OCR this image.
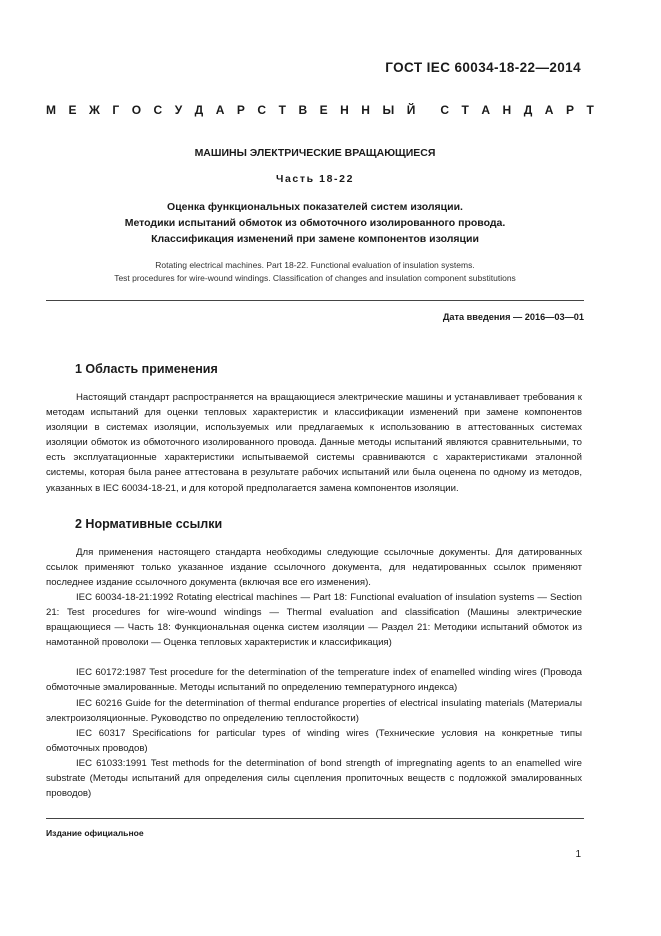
ГОСТ IEC 60034-18-22—2014
М Е Ж Г О С У Д А Р С Т В Е Н Н Ы Й С Т А Н Д А Р Т

МАШИНЫ ЭЛЕКТРИЧЕСКИЕ ВРАЩАЮЩИЕСЯ

Часть 18-22

Оценка функциональных показателей систем изоляции.
Методики испытаний обмоток из обмоточного изолированного провода.
Классификация изменений при замене компонентов изоляции

Rotating electrical machines. Part 18-22. Functional evaluation of insulation systems.
Test procedures for wire-wound windings. Classification of changes and insulation component substitutions

Дата введения — 2016—03—01
1 Область применения

Настоящий стандарт распространяется на вращающиеся электрические машины и устанавливает требования к методам испытаний для оценки тепловых характеристик и классификации изменений при замене компонентов изоляции в системах изоляции, используемых или предлагаемых к использованию в аттестованных системах изоляции обмоток из обмоточного изолированного провода. Данные методы испытаний являются сравнительными, то есть эксплуатационные характеристики испытываемой системы сравниваются с характеристиками эталонной системы, которая была ранее аттестована в результате рабочих испытаний или была оценена по одному из методов, указанных в IEC 60034-18-21, и для которой предполагается замена компонентов изоляции.

2 Нормативные ссылки

Для применения настоящего стандарта необходимы следующие ссылочные документы. Для датированных ссылок применяют только указанное издание ссылочного документа, для недатированных ссылок применяют последнее издание ссылочного документа (включая все его изменения).

IEC 60034-18-21:1992 Rotating electrical machines — Part 18: Functional evaluation of insulation systems — Section 21: Test procedures for wire-wound windings — Thermal evaluation and classification (Машины электрические вращающиеся — Часть 18: Функциональная оценка систем изоляции — Раздел 21: Методики испытаний обмоток из намотанной проволоки — Оценка тепловых характеристик и классификация)

IEC 60172:1987 Test procedure for the determination of the temperature index of enamelled winding wires (Провода обмоточные эмалированные. Методы испытаний по определению температурного индекса)

IEC 60216 Guide for the determination of thermal endurance properties of electrical insulating materials (Материалы электроизоляционные. Руководство по определению теплостойкости)

IEC 60317 Specifications for particular types of winding wires (Технические условия на конкретные типы обмоточных проводов)

IEC 61033:1991 Test methods for the determination of bond strength of impregnating agents to an enamelled wire substrate (Методы испытаний для определения силы сцепления пропиточных веществ с подложкой эмалированных проводов)

Издание официальное
1
